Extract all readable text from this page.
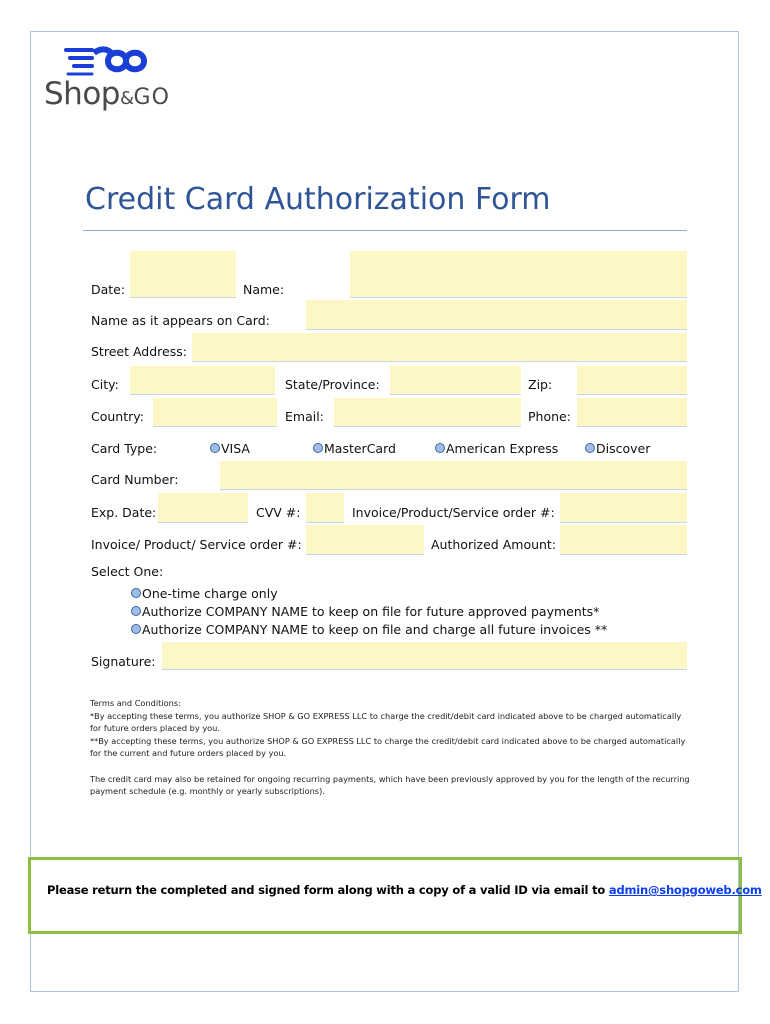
Shop&GO
Credit Card Authorization Form
Date:	Name:
Name as it appears on Card:
Street Address:
City:	State/Province:	Zip:
Country:	Email:	Phone:
Card Type:	VISA	MasterCard	American Express	Discover
Card Number:
Exp. Date:	CVV #:	Invoice/Product/Service order #:
Invoice/ Product/ Service order #:	Authorized Amount:
Select One:
One-time charge only
Authorize COMPANY NAME to keep on file for future approved payments*
Authorize COMPANY NAME to keep on file and charge all future invoices **
Signature:

Terms and Conditions:

*By accepting these terms, you authorize SHOP & GO EXPRESS LLC to charge the credit/debit card indicated above to be charged automatically for future orders placed by you.

**By accepting these terms, you authorize SHOP & GO EXPRESS LLC to charge the credit/debit card indicated above to be charged automatically for the current and future orders placed by you.

The credit card may also be retained for ongoing recurring payments, which have been previously approved by you for the length of the recurring payment schedule (e.g. monthly or yearly subscriptions).

Please return the completed and signed form along with a copy of a valid ID via email to admin@shopgoweb.com
